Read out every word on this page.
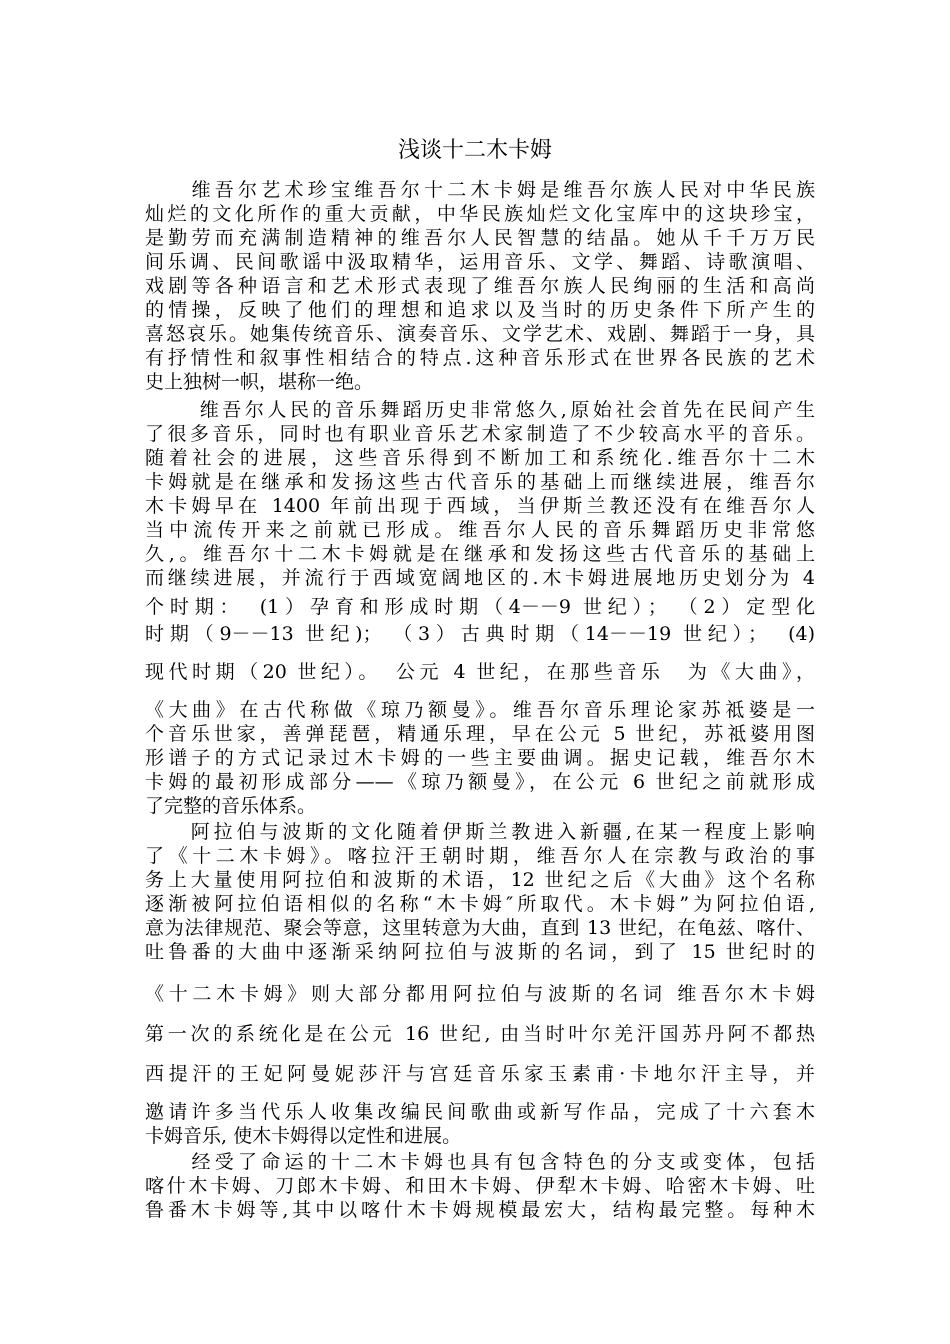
浅谈十二木卡姆
　　维吾尔艺术珍宝维吾尔十二木卡姆是维吾尔族人民对中华民族
灿烂的文化所作的重大贡献，中华民族灿烂文化宝库中的这块珍宝，
是勤劳而充满制造精神的维吾尔人民智慧的结晶。她从千千万万民
间乐调、民间歌谣中汲取精华，运用音乐、文学、舞蹈、诗歌演唱、
戏剧等各种语言和艺术形式表现了维吾尔族人民绚丽的生活和高尚
的情操，反映了他们的理想和追求以及当时的历史条件下所产生的
喜怒哀乐。她集传统音乐、演奏音乐、文学艺术、戏剧、舞蹈于一身，具
有抒情性和叙事性相结合的特点.这种音乐形式在世界各民族的艺术
史上独树一帜，堪称一绝。
　　 维吾尔人民的音乐舞蹈历史非常悠久,原始社会首先在民间产生
了很多音乐，同时也有职业音乐艺术家制造了不少较高水平的音乐。
随着社会的进展，这些音乐得到不断加工和系统化.维吾尔十二木
卡姆就是在继承和发扬这些古代音乐的基础上而继续进展，维吾尔
木卡姆早在 1400 年前出现于西域，当伊斯兰教还没有在维吾尔人
当中流传开来之前就已形成。维吾尔人民的音乐舞蹈历史非常悠
久,。维吾尔十二木卡姆就是在继承和发扬这些古代音乐的基础上
而继续进展，并流行于西域宽阔地区的.木卡姆进展地历史划分为 4
个时期：　(1）孕育和形成时期（4－－9 世纪）；　（2）定型化
时期（9－－13 世纪)；　（3）古典时期（14－－19 世纪）；　(4)
现代时期（20 世纪）。　公元 4 世纪，在那些音乐　为《大曲》，
《大曲》在古代称做《琼乃额曼》。维吾尔音乐理论家苏祗婆是一
个音乐世家，善弹琵琶，精通乐理，早在公元 5 世纪，苏祗婆用图
形谱子的方式记录过木卡姆的一些主要曲调。据史记载，维吾尔木
卡姆的最初形成部分——《琼乃额曼》，在公元 6 世纪之前就形成
了完整的音乐体系。
　　阿拉伯与波斯的文化随着伊斯兰教进入新疆,在某一程度上影响
了《十二木卡姆》。喀拉汗王朝时期，维吾尔人在宗教与政治的事
务上大量使用阿拉伯和波斯的术语，12 世纪之后《大曲》这个名称
逐渐被阿拉伯语相似的名称“木卡姆″所取代。木卡姆”为阿拉伯语,
意为法律规范、聚会等意，这里转意为大曲，直到 13 世纪，在龟兹、喀什、
吐鲁番的大曲中逐渐采纳阿拉伯与波斯的名词，到了 15 世纪时的
《十二木卡姆》则大部分都用阿拉伯与波斯的名词 维吾尔木卡姆
第一次的系统化是在公元 16 世纪, 由当时叶尔羌汗国苏丹阿不都热
西提汗的王妃阿曼妮莎汗与宫廷音乐家玉素甫·卡地尔汗主导，并
邀请许多当代乐人收集改编民间歌曲或新写作品，完成了十六套木
卡姆音乐, 使木卡姆得以定性和进展。
　　经受了命运的十二木卡姆也具有包含特色的分支或变体，包括
喀什木卡姆、刀郎木卡姆、和田木卡姆、伊犁木卡姆、哈密木卡姆、吐
鲁番木卡姆等,其中以喀什木卡姆规模最宏大，结构最完整。每种木
